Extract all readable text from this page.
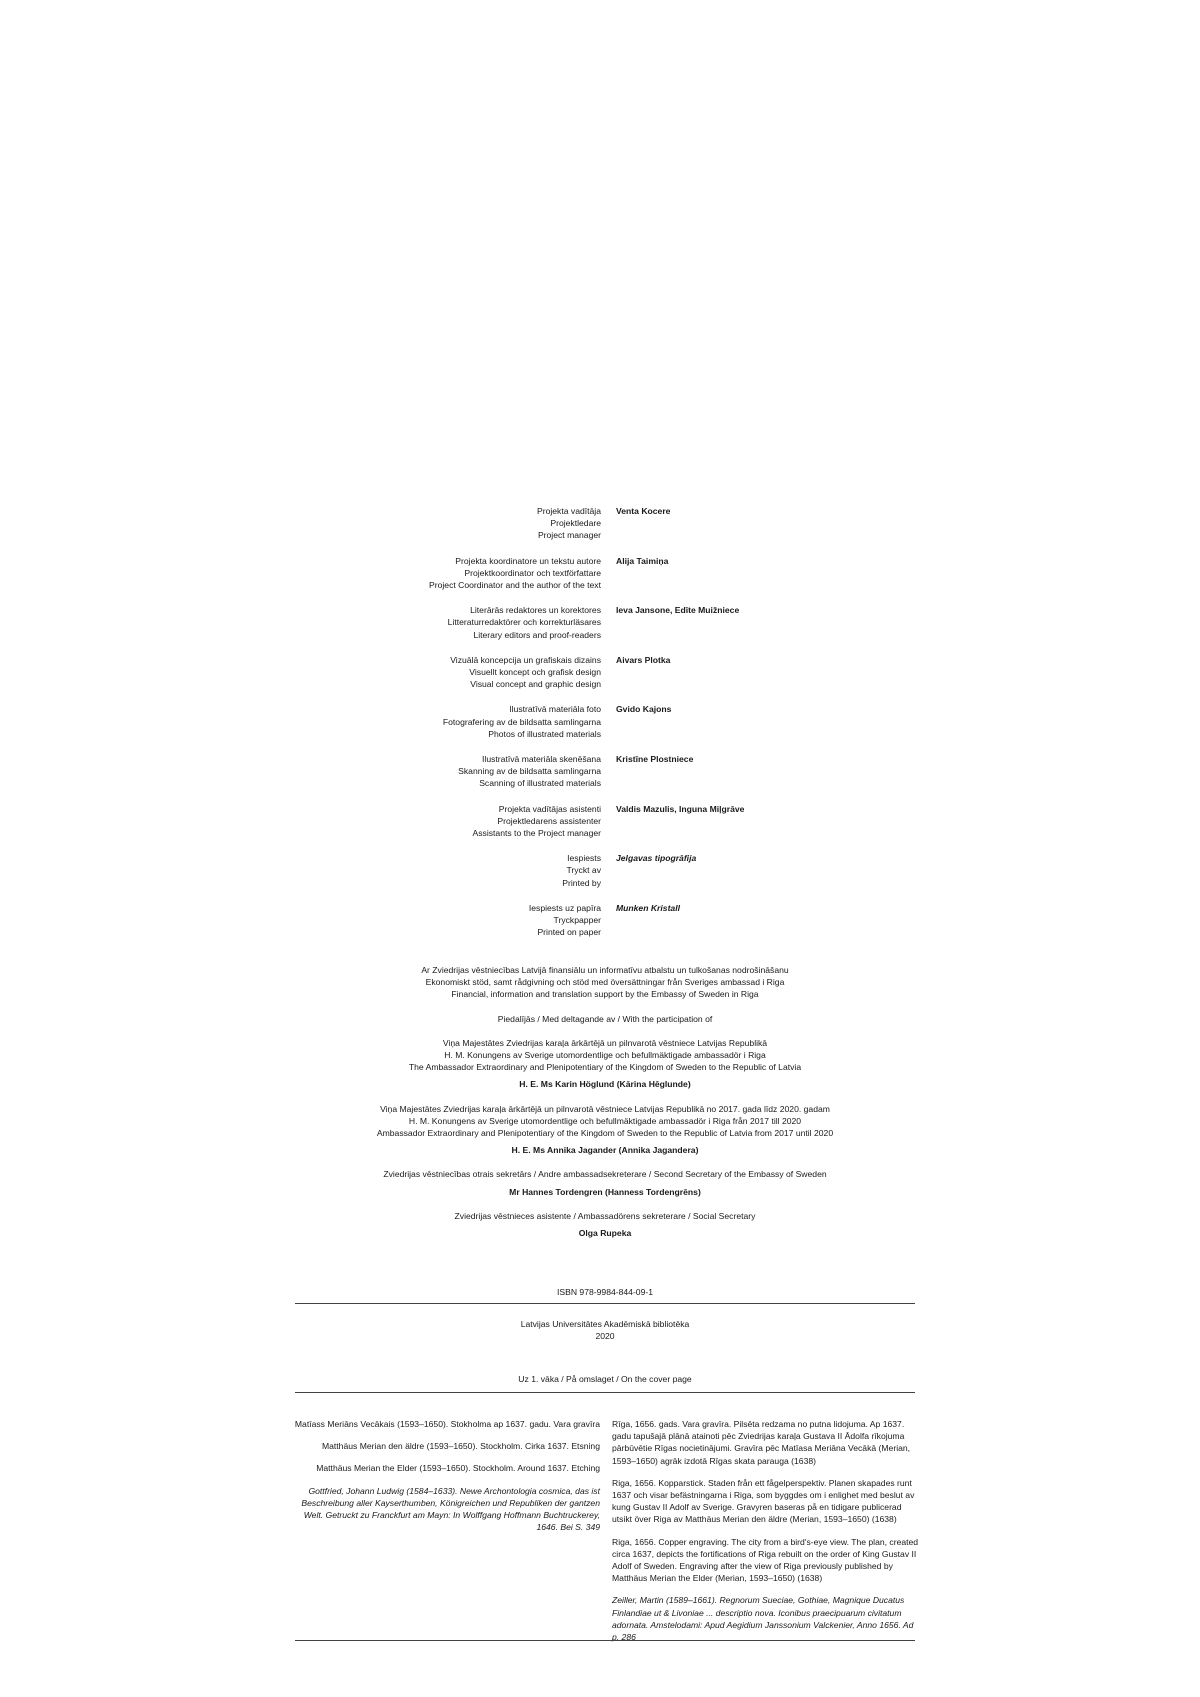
Projekta vadītāja
Projektledare
Project manager
Venta Kocere
Projekta koordinatore un tekstu autore
Projektkoordinator och textförfattare
Project Coordinator and the author of the text
Alija Taimiņa
Literārās redaktores un korektores
Litteraturredaktörer och korrekturläsares
Literary editors and proof-readers
Ieva Jansone, Edīte Muižniece
Vizuālā koncepcija un grafiskais dizains
Visuellt koncept och grafisk design
Visual concept and graphic design
Aivars Plotka
Ilustratīvā materiāla foto
Fotografering av de bildsatta samlingarna
Photos of illustrated materials
Gvido Kajons
Ilustratīvā materiāla skenēšana
Skanning av de bildsatta samlingarna
Scanning of illustrated materials
Kristīne Plostniece
Projekta vadītājas asistenti
Projektledarens assistenter
Assistants to the Project manager
Valdis Mazulis, Inguna Miļgrāve
Iespiests
Tryckt av
Printed by
Jelgavas tipogrāfija
Iespiests uz papīra
Tryckpapper
Printed on paper
Munken Kristall

Ar Zviedrijas vēstniecības Latvijā finansiālu un informatīvu atbalstu un tulkošanas nodrošināšanu

Ekonomiskt stöd, samt rådgivning och stöd med översättningar från Sveriges ambassad i Riga

Financial, information and translation support by the Embassy of Sweden in Riga

Piedalījās / Med deltagande av / With the participation of

Viņa Majestātes Zviedrijas karaļa ārkārtējā un pilnvarotā vēstniece Latvijas Republikā

H. M. Konungens av Sverige utomordentlige och befullmäktigade ambassadör i Riga

The Ambassador Extraordinary and Plenipotentiary of the Kingdom of Sweden to the Republic of Latvia

H. E. Ms Karin Höglund (Kārina Hēglunde)

Viņa Majestātes Zviedrijas karaļa ārkārtējā un pilnvarotā vēstniece Latvijas Republikā no 2017. gada līdz 2020. gadam

H. M. Konungens av Sverige utomordentlige och befullmäktigade ambassadör i Riga från 2017 till 2020

Ambassador Extraordinary and Plenipotentiary of the Kingdom of Sweden to the Republic of Latvia from 2017 until 2020

H. E. Ms Annika Jagander (Annika Jagandera)

Zviedrijas vēstniecības otrais sekretārs / Andre ambassadsekreterare / Second Secretary of the Embassy of Sweden

Mr Hannes Tordengren (Hanness Tordengrēns)

Zviedrijas vēstnieces asistente / Ambassadörens sekreterare / Social Secretary

Olga Rupeka

ISBN 978-9984-844-09-1
Latvijas Universitātes Akadēmiskā bibliotēka
2020
Uz 1. vāka / På omslaget / On the cover page

Matīass Meriāns Vecākais (1593–1650). Stokholma ap 1637. gadu. Vara gravīra

Matthäus Merian den äldre (1593–1650). Stockholm. Cirka 1637. Etsning

Matthäus Merian the Elder (1593–1650). Stockholm. Around 1637. Etching

Gottfried, Johann Ludwig (1584–1633). Newe Archontologia cosmica, das ist Beschreibung aller Kayserthumben, Königreichen und Republiken der gantzen Welt. Getruckt zu Franckfurt am Mayn: In Wolffgang Hoffmann Buchtruckerey, 1646. Bei S. 349

Rīga, 1656. gads. Vara gravīra. Pilsēta redzama no putna lidojuma. Ap 1637. gadu tapušajā plānā atainoti pēc Zviedrijas karaļa Gustava II Ādolfa rīkojuma pārbūvētie Rīgas nocietinājumi. Gravīra pēc Matīasa Meriāna Vecākā (Merian, 1593–1650) agrāk izdotā Rīgas skata parauga (1638)

Riga, 1656. Kopparstick. Staden från ett fågelperspektiv. Planen skapades runt 1637 och visar befästningarna i Riga, som byggdes om i enlighet med beslut av kung Gustav II Adolf av Sverige. Gravyren baseras på en tidigare publicerad utsikt över Riga av Matthäus Merian den äldre (Merian, 1593–1650) (1638)

Riga, 1656. Copper engraving. The city from a bird's-eye view. The plan, created circa 1637, depicts the fortifications of Riga rebuilt on the order of King Gustav II Adolf of Sweden. Engraving after the view of Riga previously published by Matthäus Merian the Elder (Merian, 1593–1650) (1638)

Zeiller, Martin (1589–1661). Regnorum Sueciae, Gothiae, Magnique Ducatus Finlandiae ut & Livoniae ... descriptio nova. Iconibus praecipuarum civitatum adornata. Amstelodami: Apud Aegidium Janssonium Valckenier, Anno 1656. Ad p. 286
